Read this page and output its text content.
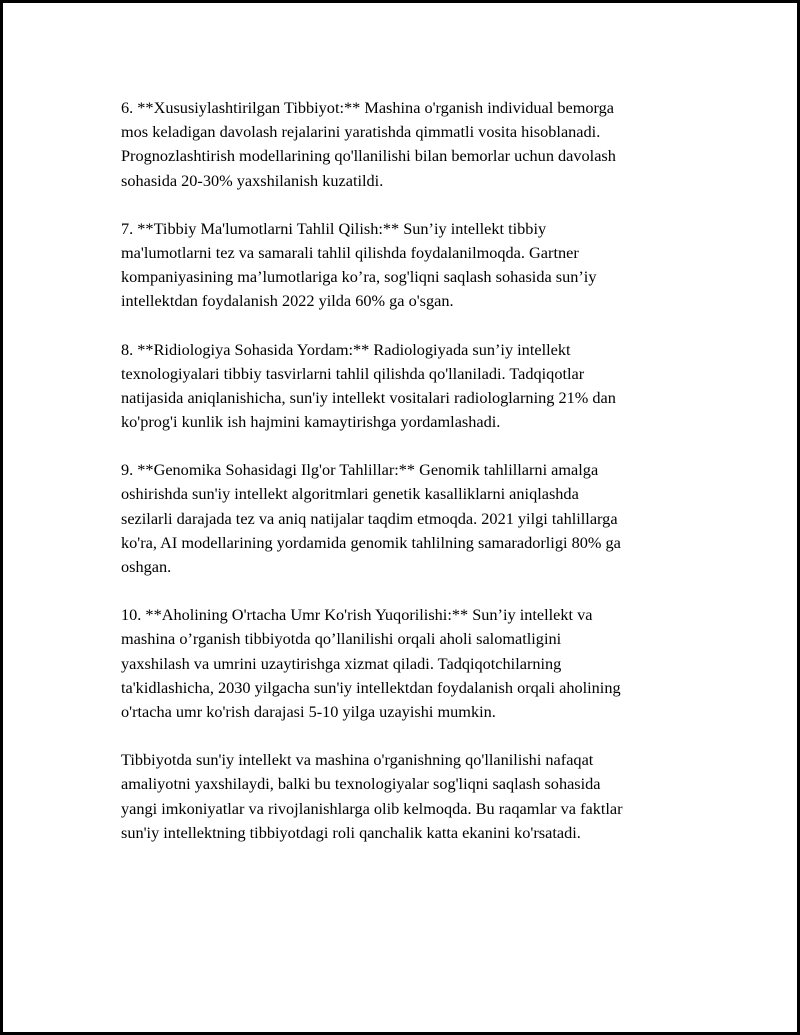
6. **Xususiylashtirilgan Tibbiyot:** Mashina o'rganish individual bemorga
mos keladigan davolash rejalarini yaratishda qimmatli vosita hisoblanadi.
Prognozlashtirish modellarining qo'llanilishi bilan bemorlar uchun davolash
sohasida 20-30% yaxshilanish kuzatildi.
7. **Tibbiy Ma'lumotlarni Tahlil Qilish:** Sun’iy intellekt tibbiy
ma'lumotlarni tez va samarali tahlil qilishda foydalanilmoqda. Gartner
kompaniyasining ma’lumotlariga ko’ra, sog'liqni saqlash sohasida sun’iy
intellektdan foydalanish 2022 yilda 60% ga o'sgan.
8. **Ridiologiya Sohasida Yordam:** Radiologiyada sun’iy intellekt
texnologiyalari tibbiy tasvirlarni tahlil qilishda qo'llaniladi. Tadqiqotlar
natijasida aniqlanishicha, sun'iy intellekt vositalari radiologlarning 21% dan
ko'prog'i kunlik ish hajmini kamaytirishga yordamlashadi.
9. **Genomika Sohasidagi Ilg'or Tahlillar:** Genomik tahlillarni amalga
oshirishda sun'iy intellekt algoritmlari genetik kasalliklarni aniqlashda
sezilarli darajada tez va aniq natijalar taqdim etmoqda. 2021 yilgi tahlillarga
ko'ra, AI modellarining yordamida genomik tahlilning samaradorligi 80% ga
oshgan.
10. **Aholining O'rtacha Umr Ko'rish Yuqorilishi:** Sun’iy intellekt va
mashina o’rganish tibbiyotda qo’llanilishi orqali aholi salomatligini
yaxshilash va umrini uzaytirishga xizmat qiladi. Tadqiqotchilarning
ta'kidlashicha, 2030 yilgacha sun'iy intellektdan foydalanish orqali aholining
o'rtacha umr ko'rish darajasi 5-10 yilga uzayishi mumkin.
Tibbiyotda sun'iy intellekt va mashina o'rganishning qo'llanilishi nafaqat
amaliyotni yaxshilaydi, balki bu texnologiyalar sog'liqni saqlash sohasida
yangi imkoniyatlar va rivojlanishlarga olib kelmoqda. Bu raqamlar va faktlar
sun'iy intellektning tibbiyotdagi roli qanchalik katta ekanini ko'rsatadi.
